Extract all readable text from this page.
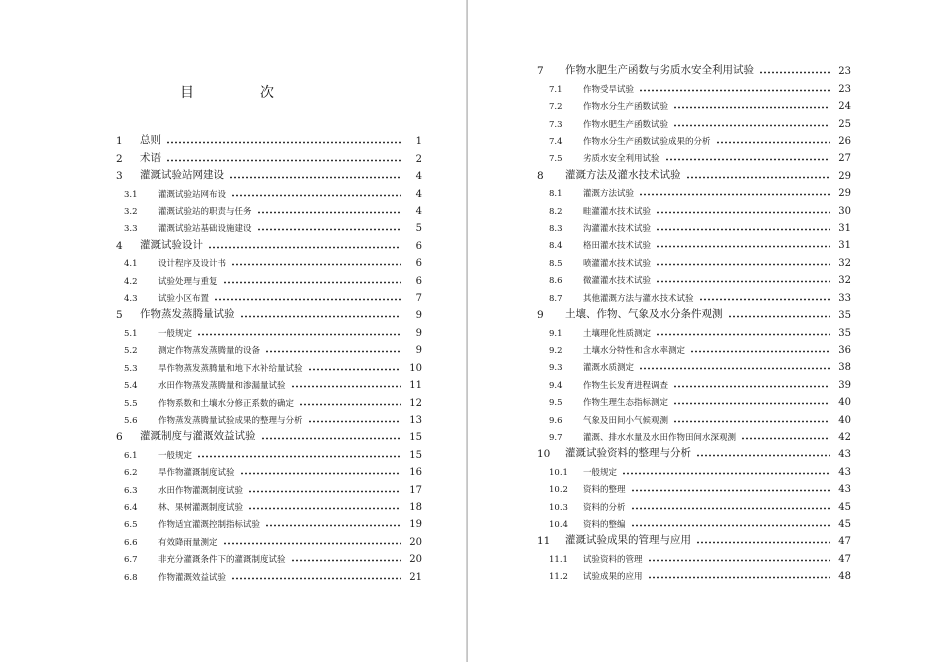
目　次
1	总则	1
2	术语	2
3	灌溉试验站网建设	4
3.1	灌溉试验站网布设	4
3.2	灌溉试验站的职责与任务	4
3.3	灌溉试验站基础设施建设	5
4	灌溉试验设计	6
4.1	设计程序及设计书	6
4.2	试验处理与重复	6
4.3	试验小区布置	7
5	作物蒸发蒸腾量试验	9
5.1	一般规定	9
5.2	测定作物蒸发蒸腾量的设备	9
5.3	旱作物蒸发蒸腾量和地下水补给量试验	10
5.4	水田作物蒸发蒸腾量和渗漏量试验	11
5.5	作物系数和土壤水分修正系数的确定	12
5.6	作物蒸发蒸腾量试验成果的整理与分析	13
6	灌溉制度与灌溉效益试验	15
6.1	一般规定	15
6.2	旱作物灌溉制度试验	16
6.3	水田作物灌溉制度试验	17
6.4	林、果树灌溉制度试验	18
6.5	作物适宜灌溉控制指标试验	19
6.6	有效降雨量测定	20
6.7	非充分灌溉条件下的灌溉制度试验	20
6.8	作物灌溉效益试验	21
7	作物水肥生产函数与劣质水安全利用试验	23
7.1	作物受旱试验	23
7.2	作物水分生产函数试验	24
7.3	作物水肥生产函数试验	25
7.4	作物水分生产函数试验成果的分析	26
7.5	劣质水安全利用试验	27
8	灌溉方法及灌水技术试验	29
8.1	灌溉方法试验	29
8.2	畦灌灌水技术试验	30
8.3	沟灌灌水技术试验	31
8.4	格田灌水技术试验	31
8.5	喷灌灌水技术试验	32
8.6	微灌灌水技术试验	32
8.7	其他灌溉方法与灌水技术试验	33
9	土壤、作物、气象及水分条件观测	35
9.1	土壤理化性质测定	35
9.2	土壤水分特性和含水率测定	36
9.3	灌溉水质测定	38
9.4	作物生长发育进程调查	39
9.5	作物生理生态指标测定	40
9.6	气象及田间小气候观测	40
9.7	灌溉、排水水量及水田作物田间水深观测	42
10	灌溉试验资料的整理与分析	43
10.1	一般规定	43
10.2	资料的整理	43
10.3	资料的分析	45
10.4	资料的整编	45
11	灌溉试验成果的管理与应用	47
11.1	试验资料的管理	47
11.2	试验成果的应用	48
